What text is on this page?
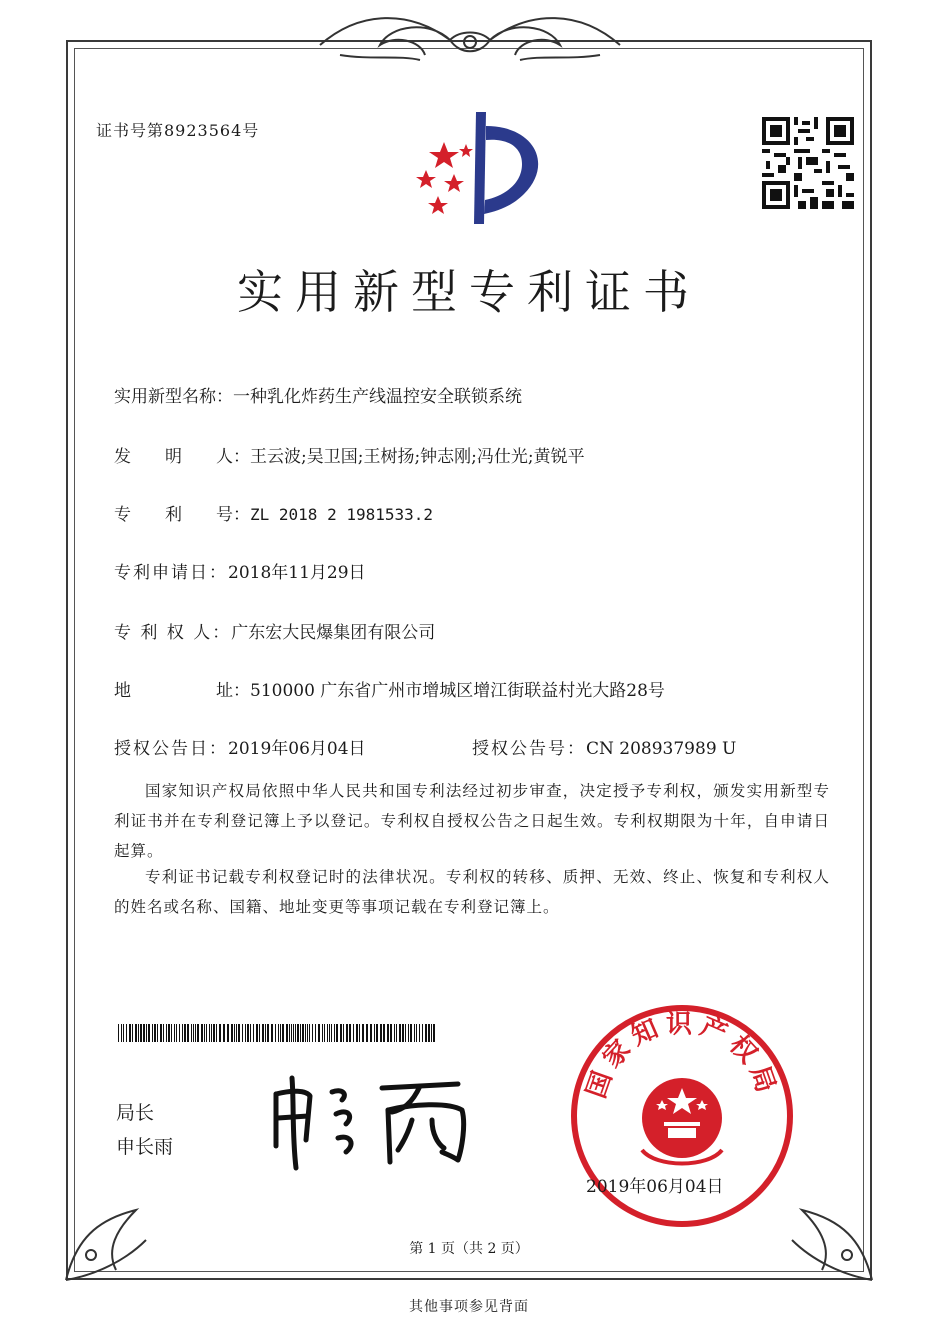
证书号第8923564号
实用新型专利证书
实用新型名称：一种乳化炸药生产线温控安全联锁系统
发　　明　　人：王云波;吴卫国;王树扬;钟志刚;冯仕光;黄锐平
专　　利　　号：ZL 2018 2 1981533.2
专利申请日：2018年11月29日
专 利 权 人：广东宏大民爆集团有限公司
地　　　　　址：510000 广东省广州市增城区增江街联益村光大路28号
授权公告日：2019年06月04日	授权公告号：CN 208937989 U
国家知识产权局依照中华人民共和国专利法经过初步审查，决定授予专利权，颁发实用新型专利证书并在专利登记簿上予以登记。专利权自授权公告之日起生效。专利权期限为十年，自申请日起算。
专利证书记载专利权登记时的法律状况。专利权的转移、质押、无效、终止、恢复和专利权人的姓名或名称、国籍、地址变更等事项记载在专利登记簿上。
局长
申长雨
国家知识产权局
2019年06月04日
第 1 页（共 2 页）
其他事项参见背面
